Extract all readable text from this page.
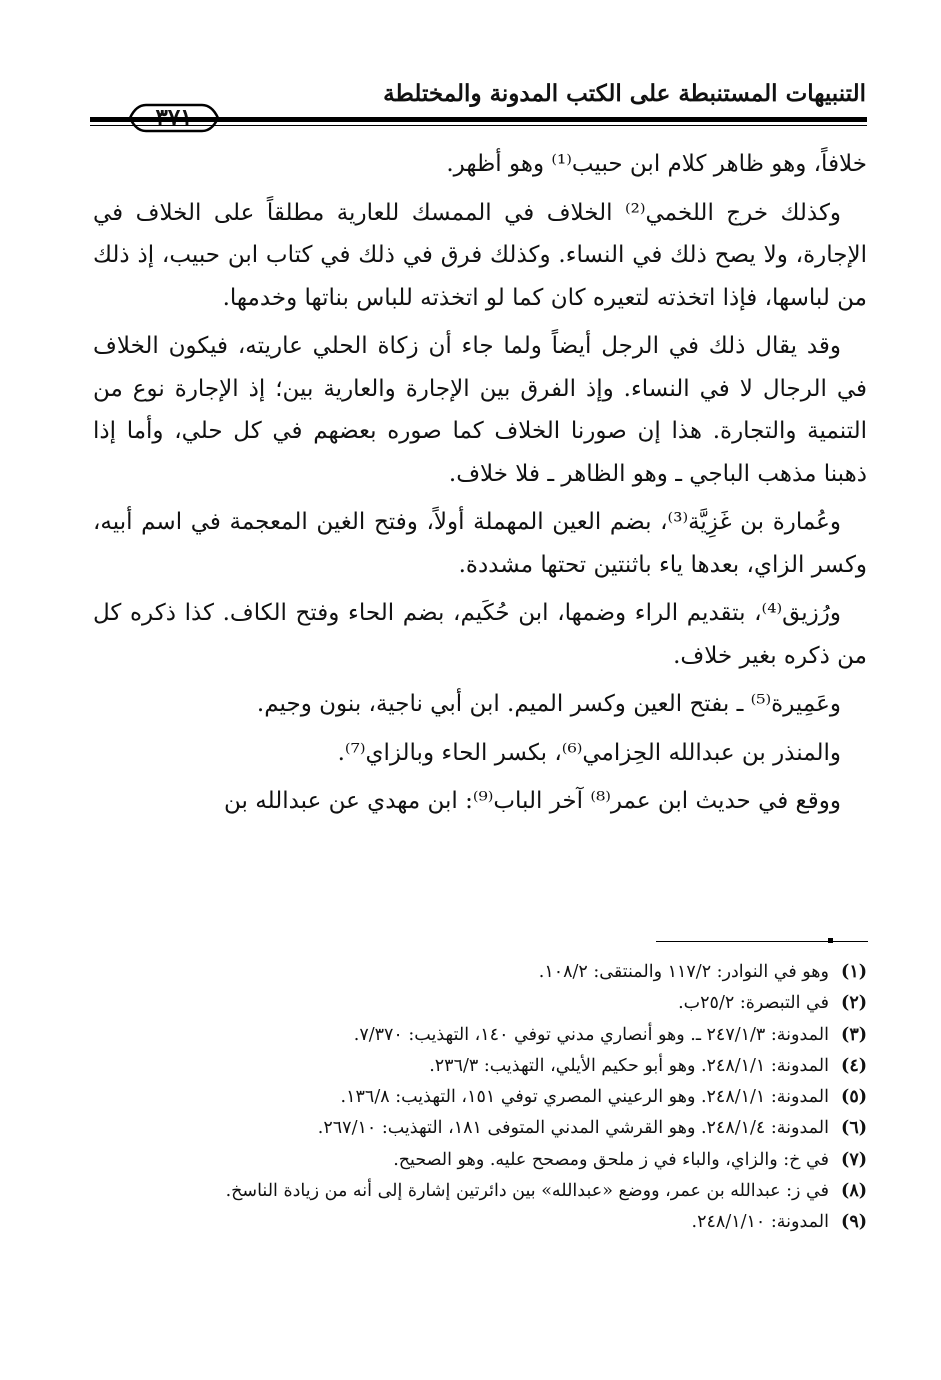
التنبيهات المستنبطة على الكتب المدونة والمختلطة

خلافاً، وهو ظاهر كلام ابن حبيب⁽¹⁾ وهو أظهر.

وكذلك خرج اللخمي⁽²⁾ الخلاف في الممسك للعارية مطلقاً على الخلاف في الإجارة، ولا يصح ذلك في النساء. وكذلك فرق في ذلك في كتاب ابن حبيب، إذ ذلك من لباسها، فإذا اتخذته لتعيره كان كما لو اتخذته للباس بناتها وخدمها.

وقد يقال ذلك في الرجل أيضاً ولما جاء أن زكاة الحلي عاريته، فيكون الخلاف في الرجال لا في النساء. وإذ الفرق بين الإجارة والعارية بين؛ إذ الإجارة نوع من التنمية والتجارة. هذا إن صورنا الخلاف كما صوره بعضهم في كل حلي، وأما إذا ذهبنا مذهب الباجي ـ وهو الظاهر ـ فلا خلاف.

وعُمارة بن غَزِيَّة⁽³⁾، بضم العين المهملة أولاً، وفتح الغين المعجمة في اسم أبيه، وكسر الزاي، بعدها ياء باثنتين تحتها مشددة.

ورُزيق⁽⁴⁾، بتقديم الراء وضمها، ابن حُكَيم، بضم الحاء وفتح الكاف. كذا ذكره كل من ذكره بغير خلاف.

وعَمِيرة⁽⁵⁾ ـ بفتح العين وكسر الميم. ابن أبي ناجية، بنون وجيم.

والمنذر بن عبدالله الحِزامي⁽⁶⁾، بكسر الحاء وبالزاي⁽⁷⁾.

ووقع في حديث ابن عمر⁽⁸⁾ آخر الباب⁽⁹⁾: ابن مهدي عن عبدالله بن

(١)وهو في النوادر: ١١٧/٢ والمنتقى: ١٠٨/٢.
(٢)في التبصرة: ٢٥/٢ب.
(٣)المدونة: ٢٤٧/١/٣ ـ. وهو أنصاري مدني توفي ١٤٠، التهذيب: ٧/٣٧٠.
(٤)المدونة: ٢٤٨/١/١. وهو أبو حكيم الأيلي، التهذيب: ٢٣٦/٣.
(٥)المدونة: ٢٤٨/١/١. وهو الرعيني المصري توفي ١٥١، التهذيب: ١٣٦/٨.
(٦)المدونة: ٢٤٨/١/٤. وهو القرشي المدني المتوفى ١٨١، التهذيب: ٢٦٧/١٠.
(٧)في خ: والزاي، والباء في ز ملحق ومصحح عليه. وهو الصحيح.
(٨)في ز: عبدالله بن عمر، ووضع «عبدالله» بين دائرتين إشارة إلى أنه من زيادة الناسخ.
(٩)المدونة: ٢٤٨/١/١٠.
